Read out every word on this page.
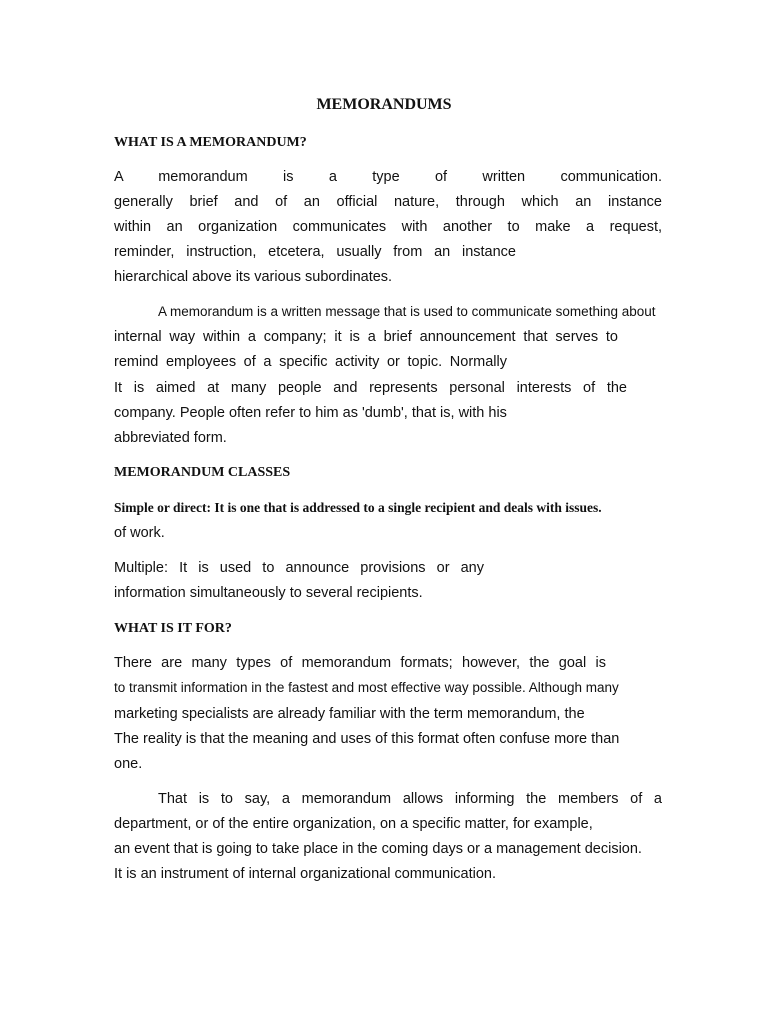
MEMORANDUMS
WHAT IS A MEMORANDUM?
A memorandum is a type of written communication.
generally brief and of an official nature, through which an instance
within an organization communicates with another to make a request,
reminder, instruction, etcetera, usually from an instance
hierarchical above its various subordinates.
A memorandum is a written message that is used to communicate something about
internal way within a company; it is a brief announcement that serves to
remind employees of a specific activity or topic. Normally
It is aimed at many people and represents personal interests of the
company. People often refer to him as 'dumb', that is, with his
abbreviated form.
MEMORANDUM CLASSES
Simple or direct: It is one that is addressed to a single recipient and deals with issues.
of work.
Multiple: It is used to announce provisions or any
information simultaneously to several recipients.
WHAT IS IT FOR?
There are many types of memorandum formats; however, the goal is
to transmit information in the fastest and most effective way possible. Although many
marketing specialists are already familiar with the term memorandum, the
The reality is that the meaning and uses of this format often confuse more than
one.
That is to say, a memorandum allows informing the members of a
department, or of the entire organization, on a specific matter, for example,
an event that is going to take place in the coming days or a management decision.
It is an instrument of internal organizational communication.
